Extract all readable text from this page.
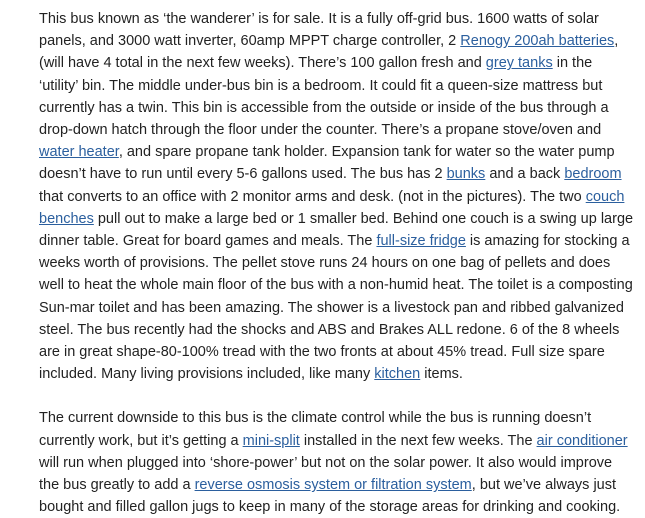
This bus known as ‘the wanderer’ is for sale. It is a fully off-grid bus. 1600 watts of solar panels, and 3000 watt inverter, 60amp MPPT charge controller, 2 Renogy 200ah batteries, (will have 4 total in the next few weeks). There’s 100 gallon fresh and grey tanks in the ‘utility’ bin. The middle under-bus bin is a bedroom. It could fit a queen-size mattress but currently has a twin. This bin is accessible from the outside or inside of the bus through a drop-down hatch through the floor under the counter. There’s a propane stove/oven and water heater, and spare propane tank holder. Expansion tank for water so the water pump doesn’t have to run until every 5-6 gallons used. The bus has 2 bunks and a back bedroom that converts to an office with 2 monitor arms and desk. (not in the pictures). The two couch benches pull out to make a large bed or 1 smaller bed. Behind one couch is a swing up large dinner table. Great for board games and meals. The full-size fridge is amazing for stocking a weeks worth of provisions. The pellet stove runs 24 hours on one bag of pellets and does well to heat the whole main floor of the bus with a non-humid heat. The toilet is a composting Sun-mar toilet and has been amazing. The shower is a livestock pan and ribbed galvanized steel. The bus recently had the shocks and ABS and Brakes ALL redone. 6 of the 8 wheels are in great shape-80-100% tread with the two fronts at about 45% tread. Full size spare included. Many living provisions included, like many kitchen items.

The current downside to this bus is the climate control while the bus is running doesn’t currently work, but it’s getting a mini-split installed in the next few weeks. The air conditioner will run when plugged into ‘shore-power’ but not on the solar power. It also would improve the bus greatly to add a reverse osmosis system or filtration system, but we’ve always just bought and filled gallon jugs to keep in many of the storage areas for drinking and cooking.
